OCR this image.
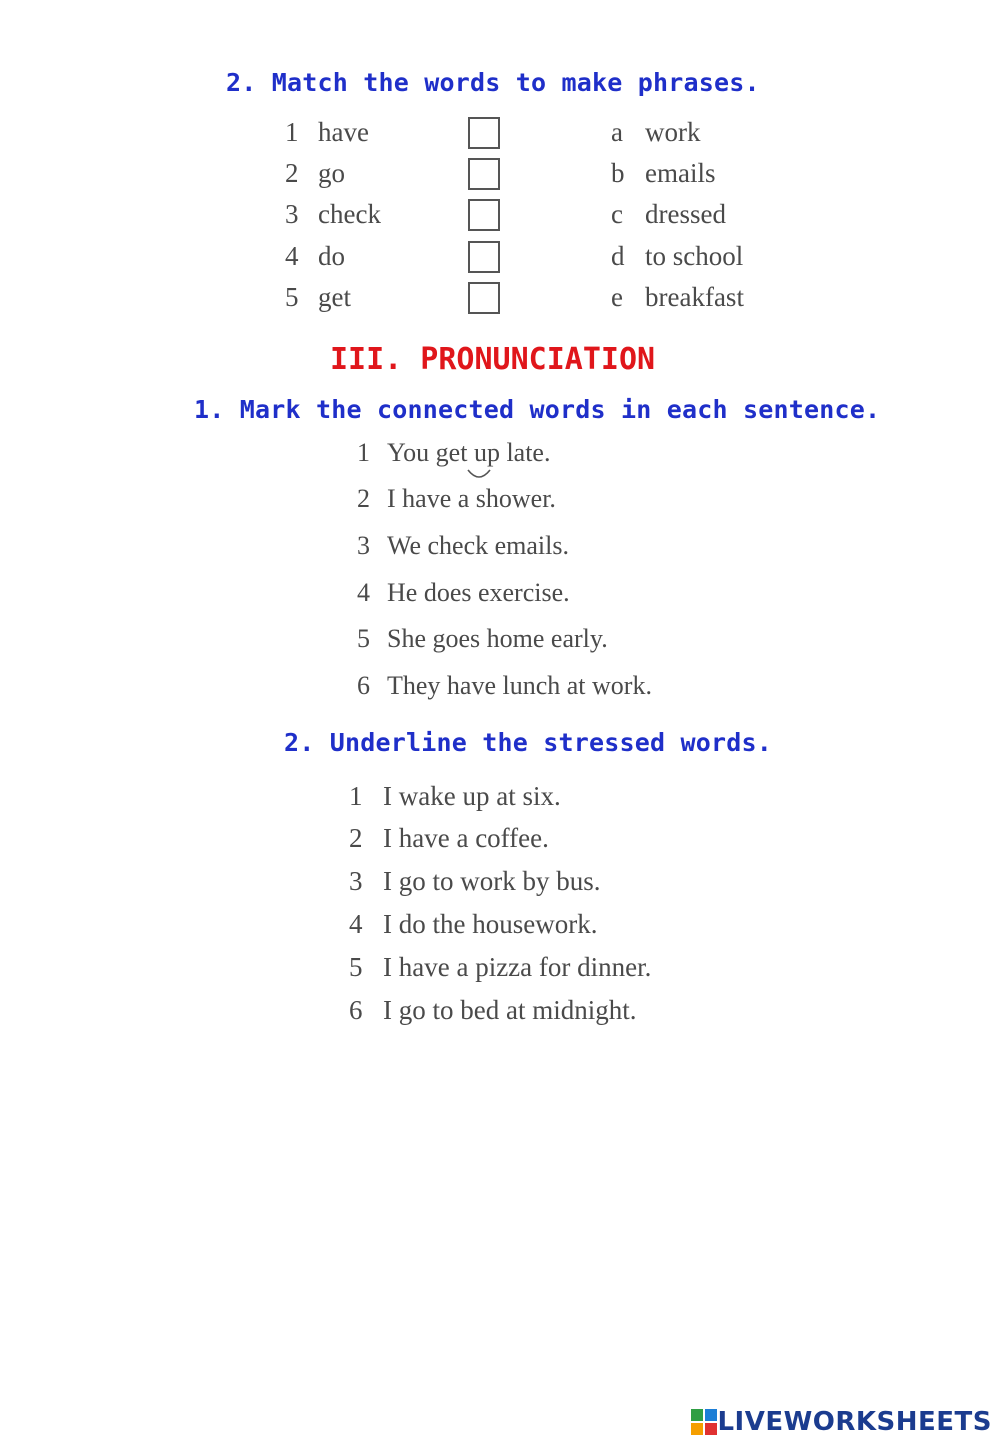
2. Match the words to make phrases.
1 have	a work
2 go	b emails
3 check	c dressed
4 do	d to school
5 get	e breakfast
III. PRONUNCIATION
1. Mark the connected words in each sentence.
1 You get up late.
2 I have a shower.
3 We check emails.
4 He does exercise.
5 She goes home early.
6 They have lunch at work.
2. Underline the stressed words.
1 I wake up at six.
2 I have a coffee.
3 I go to work by bus.
4 I do the housework.
5 I have a pizza for dinner.
6 I go to bed at midnight.
LIVEWORKSHEETS
